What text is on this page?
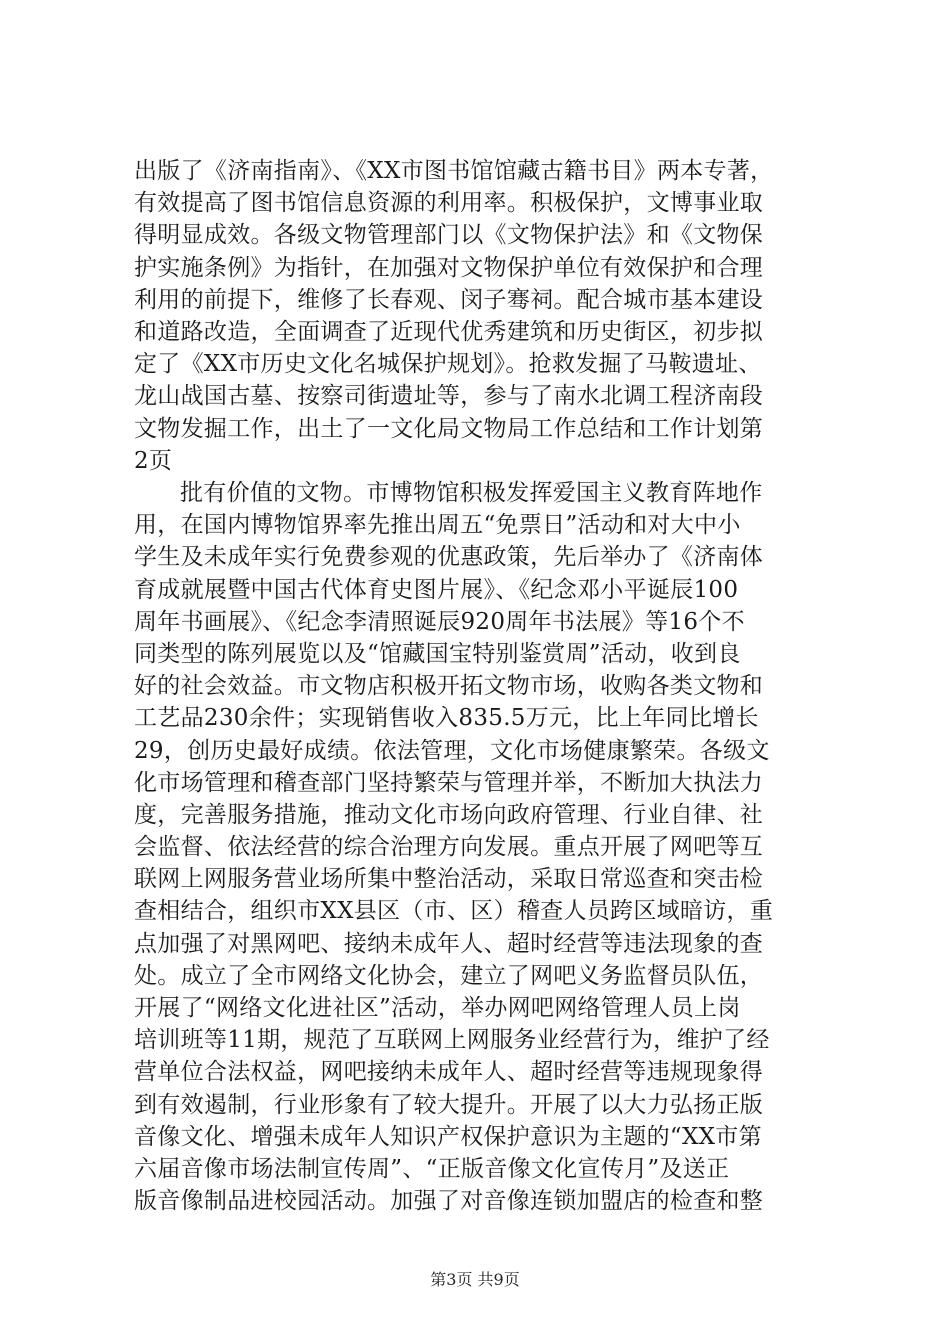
出版了《济南指南》、《XX市图书馆馆藏古籍书目》两本专著，
有效提高了图书馆信息资源的利用率。积极保护，文博事业取
得明显成效。各级文物管理部门以《文物保护法》和《文物保
护实施条例》为指针，在加强对文物保护单位有效保护和合理
利用的前提下，维修了长春观、闵子骞祠。配合城市基本建设
和道路改造，全面调查了近现代优秀建筑和历史街区，初步拟
定了《XX市历史文化名城保护规划》。抢救发掘了马鞍遗址、
龙山战国古墓、按察司街遗址等，参与了南水北调工程济南段
文物发掘工作，出土了一文化局文物局工作总结和工作计划第
2页
批有价值的文物。市博物馆积极发挥爱国主义教育阵地作
用，在国内博物馆界率先推出周五“免票日”活动和对大中小
学生及未成年实行免费参观的优惠政策，先后举办了《济南体
育成就展暨中国古代体育史图片展》、《纪念邓小平诞辰100
周年书画展》、《纪念李清照诞辰920周年书法展》等16个不
同类型的陈列展览以及“馆藏国宝特别鉴赏周”活动，收到良
好的社会效益。市文物店积极开拓文物市场，收购各类文物和
工艺品230余件；实现销售收入835.5万元，比上年同比增长
29，创历史最好成绩。依法管理，文化市场健康繁荣。各级文
化市场管理和稽查部门坚持繁荣与管理并举，不断加大执法力
度，完善服务措施，推动文化市场向政府管理、行业自律、社
会监督、依法经营的综合治理方向发展。重点开展了网吧等互
联网上网服务营业场所集中整治活动，采取日常巡查和突击检
查相结合，组织市XX县区（市、区）稽查人员跨区域暗访，重
点加强了对黑网吧、接纳未成年人、超时经营等违法现象的查
处。成立了全市网络文化协会，建立了网吧义务监督员队伍，
开展了“网络文化进社区”活动，举办网吧网络管理人员上岗
培训班等11期，规范了互联网上网服务业经营行为，维护了经
营单位合法权益，网吧接纳未成年人、超时经营等违规现象得
到有效遏制，行业形象有了较大提升。开展了以大力弘扬正版
音像文化、增强未成年人知识产权保护意识为主题的“XX市第
六届音像市场法制宣传周”、“正版音像文化宣传月”及送正
版音像制品进校园活动。加强了对音像连锁加盟店的检查和整
第3页 共9页
